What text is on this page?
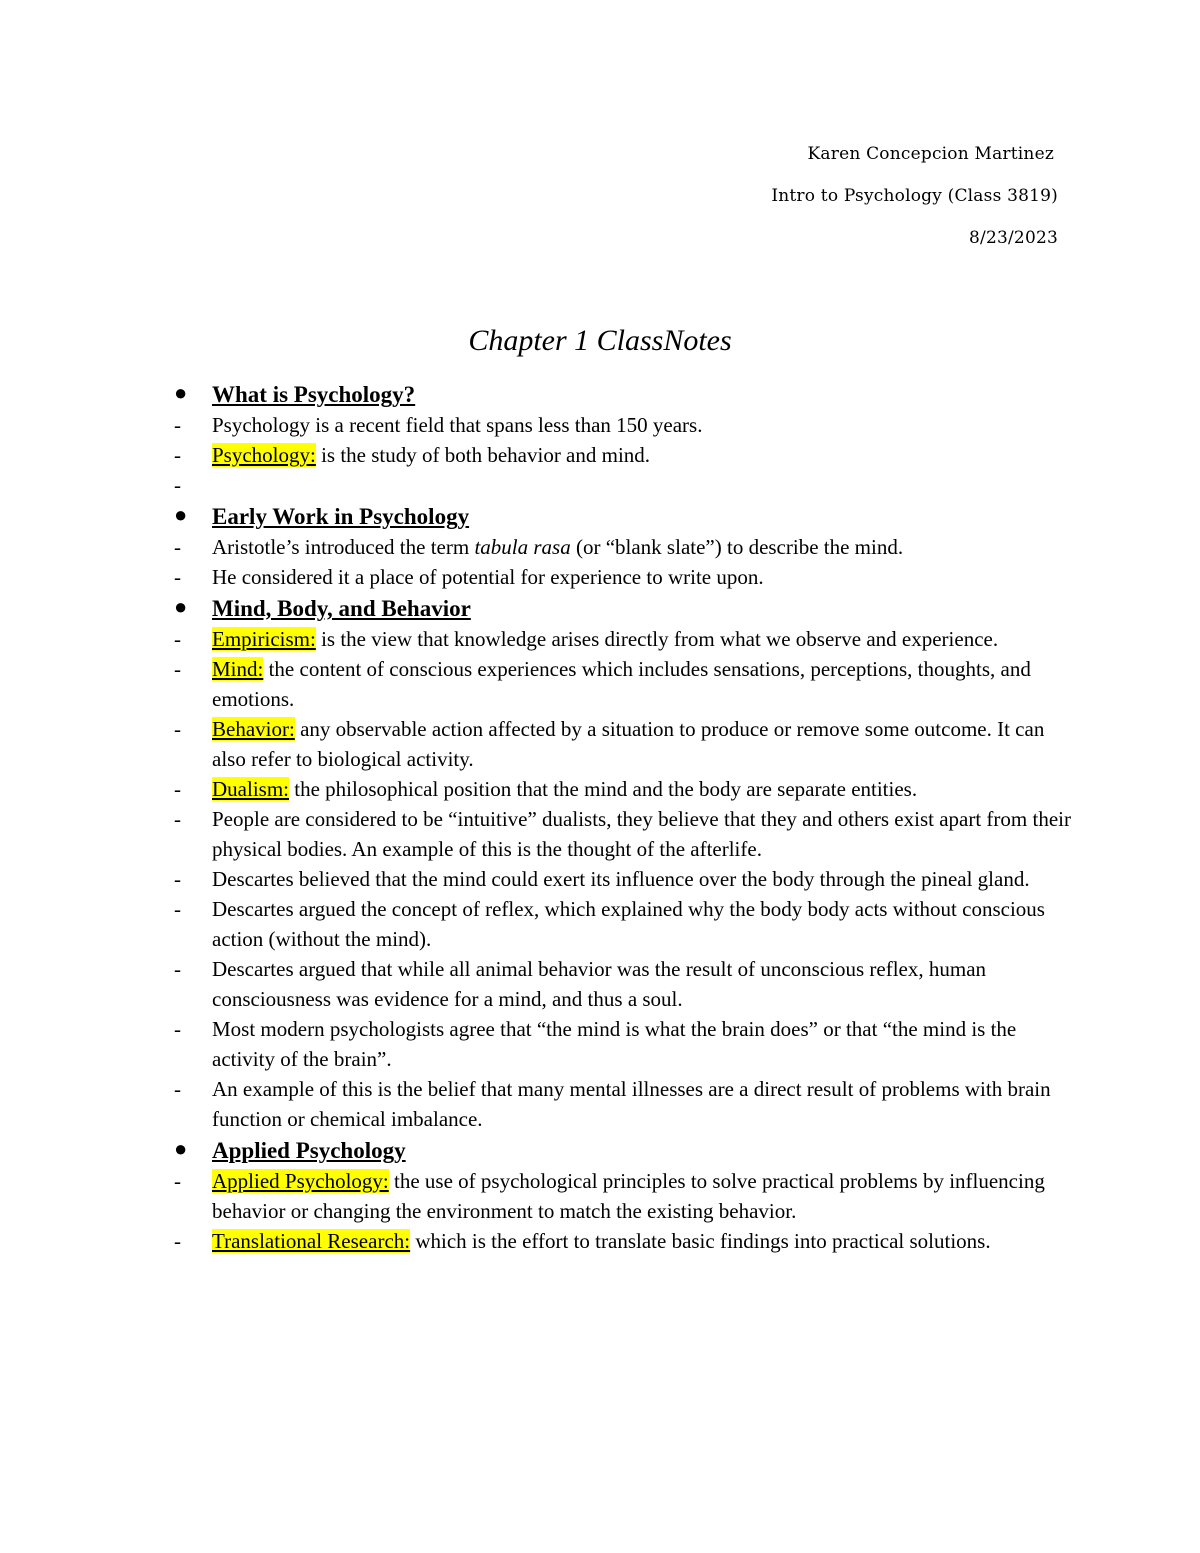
Karen Concepcion Martinez
Intro to Psychology (Class 3819)
8/23/2023
Chapter 1 ClassNotes
● What is Psychology?
- Psychology is a recent field that spans less than 150 years.
- Psychology: is the study of both behavior and mind.
-
● Early Work in Psychology
- Aristotle’s introduced the term tabula rasa (or “blank slate”) to describe the mind.
- He considered it a place of potential for experience to write upon.
● Mind, Body, and Behavior
- Empiricism: is the view that knowledge arises directly from what we observe and experience.
- Mind: the content of conscious experiences which includes sensations, perceptions, thoughts, and emotions.
- Behavior: any observable action affected by a situation to produce or remove some outcome. It can also refer to biological activity.
- Dualism: the philosophical position that the mind and the body are separate entities.
- People are considered to be “intuitive” dualists, they believe that they and others exist apart from their physical bodies. An example of this is the thought of the afterlife.
- Descartes believed that the mind could exert its influence over the body through the pineal gland.
- Descartes argued the concept of reflex, which explained why the body body acts without conscious action (without the mind).
- Descartes argued that while all animal behavior was the result of unconscious reflex, human consciousness was evidence for a mind, and thus a soul.
- Most modern psychologists agree that “the mind is what the brain does” or that “the mind is the activity of the brain”.
- An example of this is the belief that many mental illnesses are a direct result of problems with brain function or chemical imbalance.
● Applied Psychology
- Applied Psychology: the use of psychological principles to solve practical problems by influencing behavior or changing the environment to match the existing behavior.
- Translational Research: which is the effort to translate basic findings into practical solutions.
